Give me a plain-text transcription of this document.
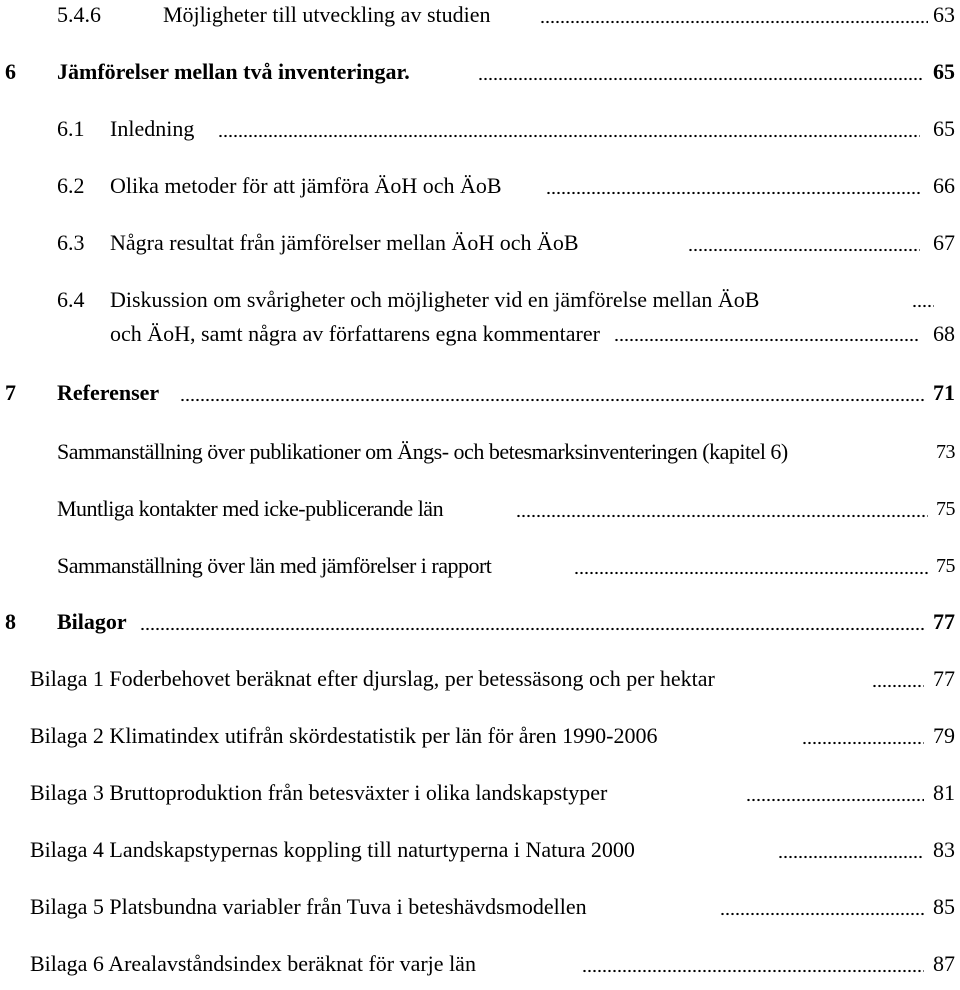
5.4.6	Möjligheter till utveckling av studien	63
6 Jämförelser mellan två inventeringar.	65
6.1 Inledning	65
6.2 Olika metoder för att jämföra ÄoH och ÄoB	66
6.3 Några resultat från jämförelser mellan ÄoH och ÄoB	67
6.4 Diskussion om svårigheter och möjligheter vid en jämförelse mellan ÄoB
och ÄoH, samt några av författarens egna kommentarer	68
7 Referenser	71
Sammanställning över publikationer om Ängs- och betesmarksinventeringen (kapitel 6)	73
Muntliga kontakter med icke-publicerande län	75
Sammanställning över län med jämförelser i rapport	75
8 Bilagor	77
Bilaga 1 Foderbehovet beräknat efter djurslag, per betessäsong och per hektar	77
Bilaga 2 Klimatindex utifrån skördestatistik per län för åren 1990-2006	79
Bilaga 3 Bruttoproduktion från betesväxter i olika landskapstyper	81
Bilaga 4 Landskapstypernas koppling till naturtyperna i Natura 2000	83
Bilaga 5 Platsbundna variabler från Tuva i beteshävdsmodellen	85
Bilaga 6 Arealavståndsindex beräknat för varje län	87
